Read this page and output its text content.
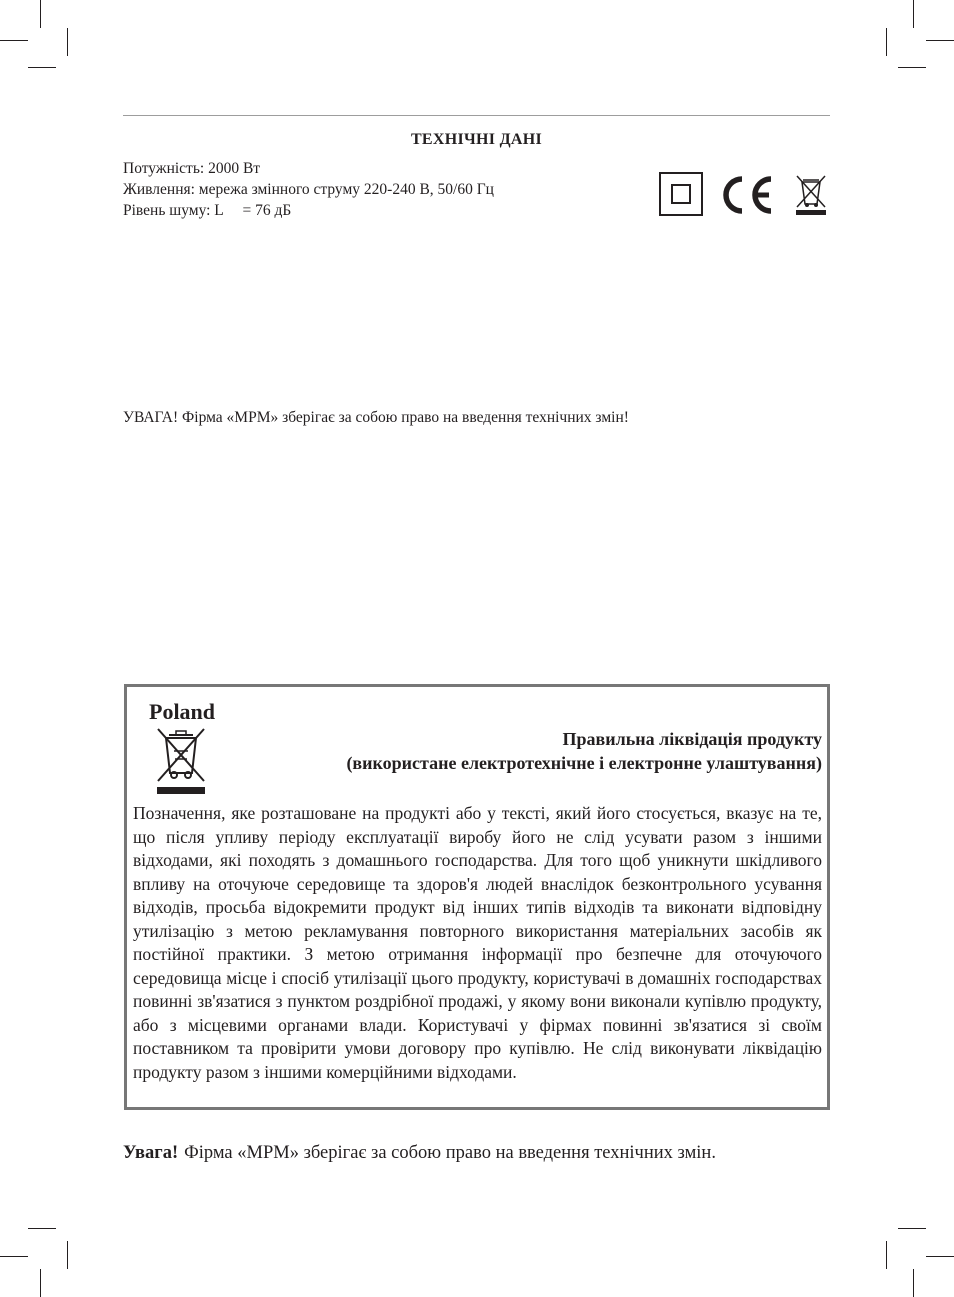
ТЕХНІЧНІ ДАНІ
Потужність: 2000 Вт
Живлення: мережа змінного струму 220-240 В, 50/60 Гц
Рівень шуму: L     = 76 дБ
УВАГА! Фірма «МРМ» зберігає за собою право на введення технічних змін!
Poland
Правильна ліквідація продукту
(використане електротехнічне і електронне улаштування)

Позначення, яке розташоване на продукті або у тексті, який його стосується, вказує на те, що після упливу періоду експлуатації виробу його не слід усувати разом з іншими відходами, які походять з домашнього господарства. Для того щоб уникнути шкідливого впливу на оточуюче середовище та здоров'я людей внаслідок безконтрольного усування відходів, просьба відокремити продукт від інших типів відходів та виконати відповідну утилізацію з метою рекламування повторного використання матеріальних засобів як постійної практики. З метою отримання інформації про безпечне для оточуючого середовища місце і спосіб утилізації цього продукту, користувачі в домашніх господарствах повинні зв'язатися з пунктом роздрібної продажі, у якому вони виконали купівлю продукту, або з місцевими органами влади. Користувачі у фірмах повинні зв'язатися зі своїм поставником та провірити умови договору про купівлю. Не слід виконувати ліквідацію продукту разом з іншими комерційними відходами.

Увага! Фірма «МРМ» зберігає за собою право на введення технічних змін.
